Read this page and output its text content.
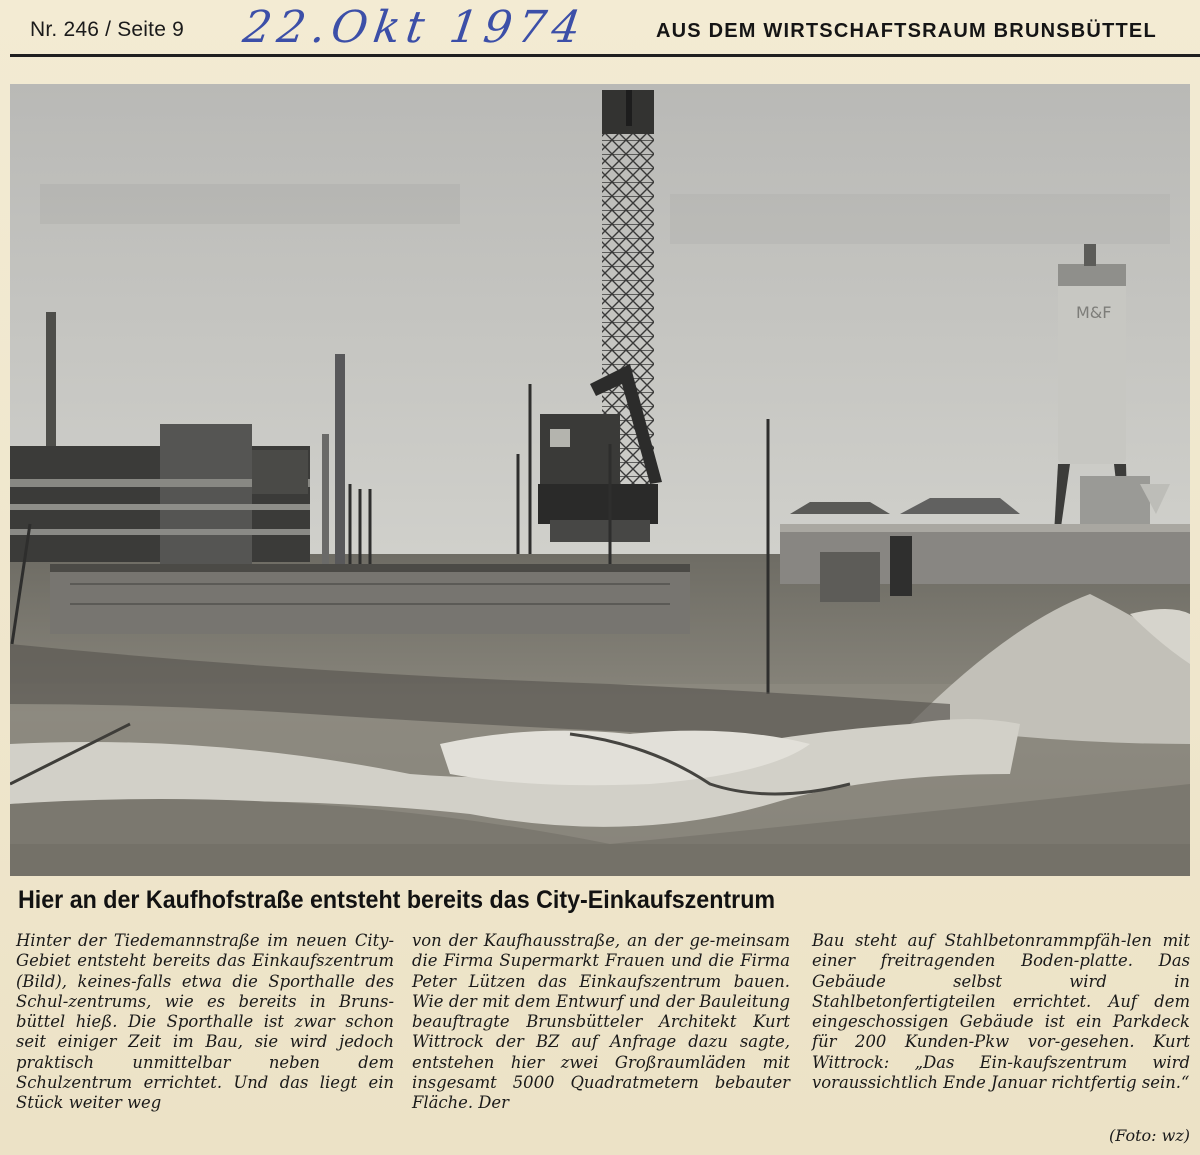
Nr. 246 / Seite 9 22.Okt 1974	AUS DEM WIRTSCHAFTSRAUM BRUNSBÜTTEL
M&F
Hier an der Kaufhofstraße entsteht bereits das City-Einkaufszentrum

Hinter der Tiedemannstraße im neuen City-Gebiet entsteht bereits das Einkaufszentrum (Bild), keines-falls etwa die Sporthalle des Schul-zentrums, wie es bereits in Bruns-büttel hieß. Die Sporthalle ist zwar schon seit einiger Zeit im Bau, sie wird jedoch praktisch unmittelbar neben dem Schulzentrum errichtet. Und das liegt ein Stück weiter weg

von der Kaufhausstraße, an der ge-meinsam die Firma Supermarkt Frauen und die Firma Peter Lützen das Einkaufszentrum bauen. Wie der mit dem Entwurf und der Bauleitung beauftragte Brunsbütteler Architekt Kurt Wittrock der BZ auf Anfrage dazu sagte, entstehen hier zwei Großraumläden mit insgesamt 5000 Quadratmetern bebauter Fläche. Der

Bau steht auf Stahlbetonrammpfäh-len mit einer freitragenden Boden-platte. Das Gebäude selbst wird in Stahlbetonfertigteilen errichtet. Auf dem eingeschossigen Gebäude ist ein Parkdeck für 200 Kunden-Pkw vor-gesehen. Kurt Wittrock: „Das Ein-kaufszentrum wird voraussichtlich Ende Januar richtfertig sein.“

(Foto: wz)
